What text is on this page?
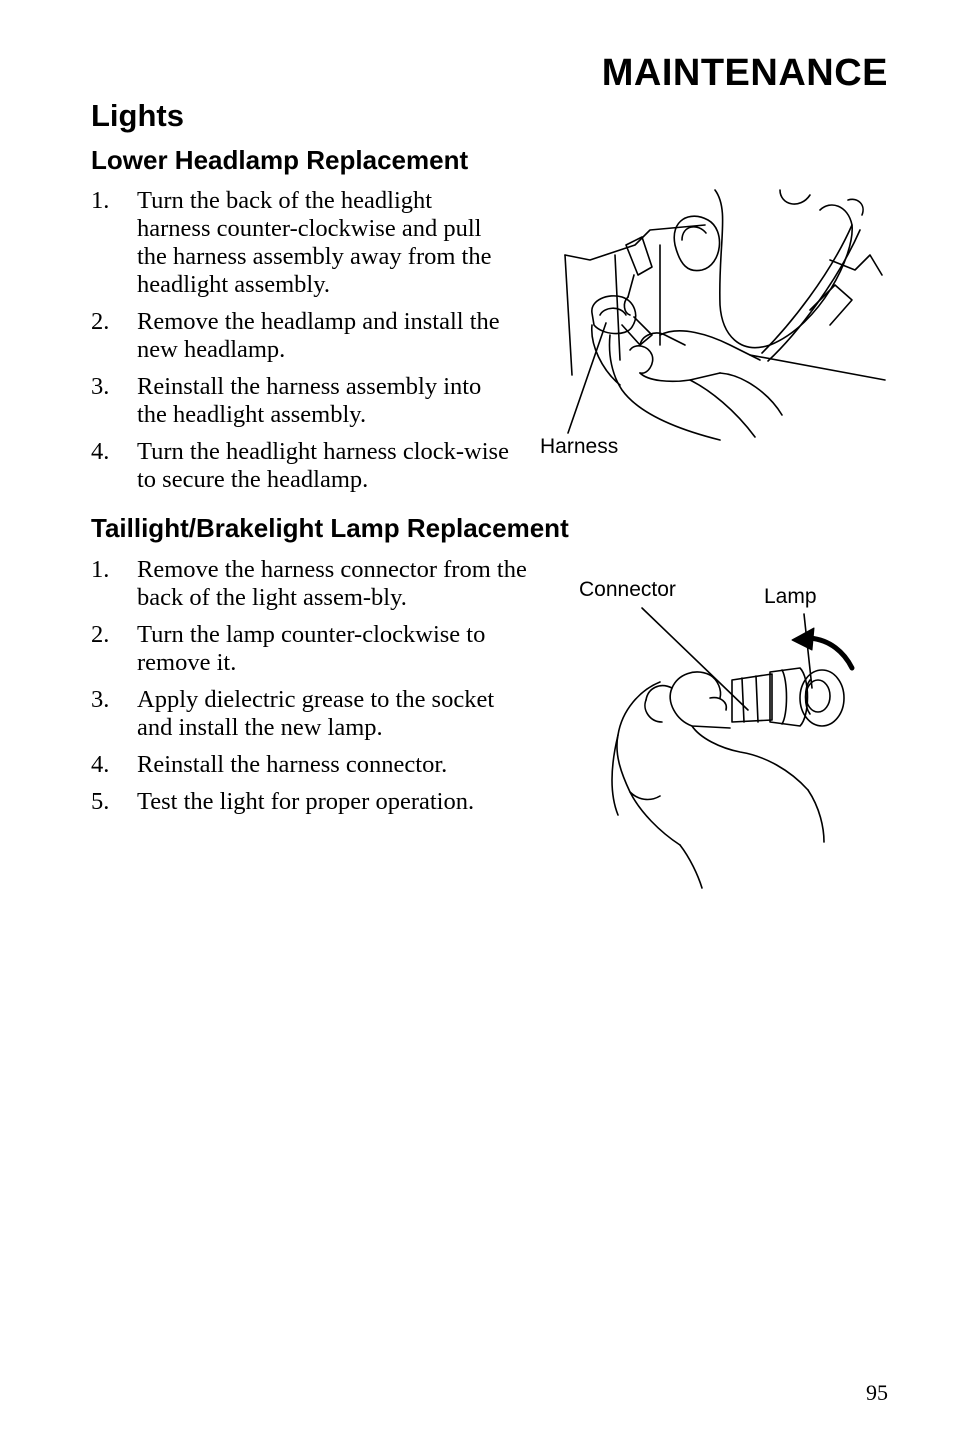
MAINTENANCE
Lights
Lower Headlamp Replacement
1. Turn the back of the headlight harness counter-clockwise and pull the harness assembly away from the headlight assembly.
2. Remove the headlamp and install the new headlamp.
3. Reinstall the harness assembly into the headlight assembly.
4. Turn the headlight harness clock-wise to secure the headlamp.
Harness
Taillight/Brakelight Lamp Replacement
1. Remove the harness connector from the back of the light assem-bly.
2. Turn the lamp counter-clockwise to remove it.
3. Apply dielectric grease to the socket and install the new lamp.
4. Reinstall the harness connector.
5. Test the light for proper operation.
Connector	Lamp
95
